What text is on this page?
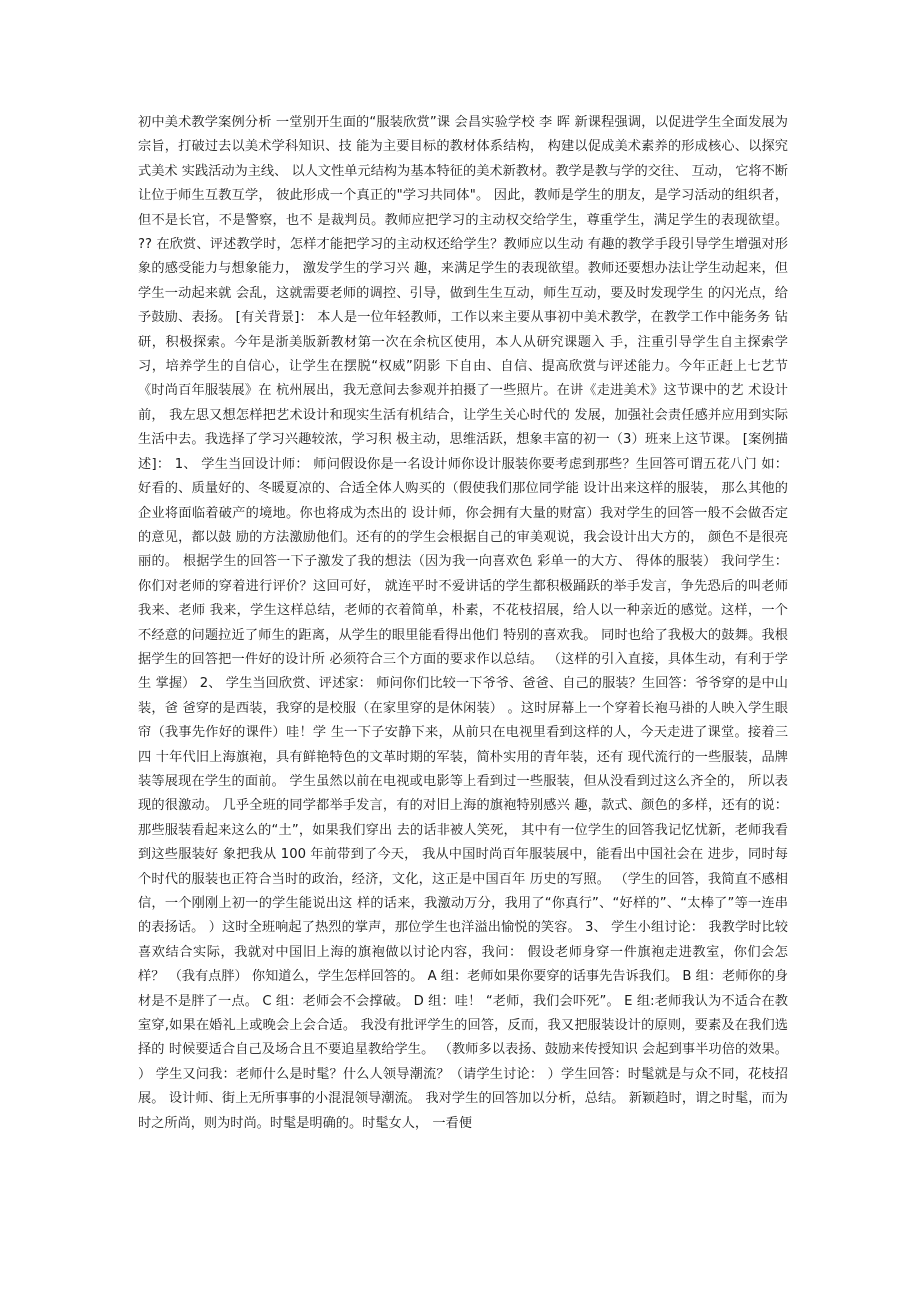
初中美术教学案例分析 一堂别开生面的“服装欣赏”课 会昌实验学校 李 晖 新课程强调，以促进学生全面发展为宗旨，打破过去以美术学科知识、技 能为主要目标的教材体系结构， 构建以促成美术素养的形成核心、以探究式美术 实践活动为主线、 以人文性单元结构为基本特征的美术新教材。教学是教与学的交往、 互动， 它将不断让位于师生互教互学， 彼此形成一个真正的"学习共同体"。 因此，教师是学生的朋友，是学习活动的组织者，但不是长官，不是警察，也不 是裁判员。教师应把学习的主动权交给学生，尊重学生，满足学生的表现欲望。 ?? 在欣赏、评述教学时，怎样才能把学习的主动权还给学生？教师应以生动 有趣的教学手段引导学生增强对形象的感受能力与想象能力， 激发学生的学习兴 趣，来满足学生的表现欲望。教师还要想办法让学生动起来，但学生一动起来就 会乱，这就需要老师的调控、引导，做到生生互动，师生互动，要及时发现学生 的闪光点，给予鼓励、表扬。 [有关背景]： 本人是一位年轻教师，工作以来主要从事初中美术教学，在教学工作中能务务 钻研，积极探索。今年是浙美版新教材第一次在余杭区使用，本人从研究课题入 手，注重引导学生自主探索学习，培养学生的自信心，让学生在摆脱“权威”阴影 下自由、自信、提高欣赏与评述能力。今年正赶上七艺节《时尚百年服装展》在 杭州展出，我无意间去参观并拍摄了一些照片。在讲《走进美术》这节课中的艺 术设计前， 我左思又想怎样把艺术设计和现实生活有机结合，让学生关心时代的 发展，加强社会责任感并应用到实际生活中去。我选择了学习兴趣较浓，学习积 极主动，思维活跃，想象丰富的初一（3）班来上这节课。 [案例描述]： 1、 学生当回设计师： 师问假设你是一名设计师你设计服装你要考虑到那些？生回答可谓五花八门 如：好看的、质量好的、冬暖夏凉的、合适全体人购买的（假使我们那位同学能 设计出来这样的服装， 那么其他的企业将面临着破产的境地。你也将成为杰出的 设计师，你会拥有大量的财富）我对学生的回答一般不会做否定的意见，都以鼓 励的方法激励他们。还有的的学生会根据自己的审美观说，我会设计出大方的， 颜色不是很亮丽的。 根据学生的回答一下子激发了我的想法（因为我一向喜欢色 彩单一的大方、 得体的服装） 我问学生： 你们对老师的穿着进行评价？这回可好， 就连平时不爱讲话的学生都积极踊跃的举手发言，争先恐后的叫老师我来、老师 我来，学生这样总结，老师的衣着简单，朴素，不花枝招展，给人以一种亲近的感觉。这样，一个不经意的问题拉近了师生的距离，从学生的眼里能看得出他们 特别的喜欢我。 同时也给了我极大的鼓舞。我根据学生的回答把一件好的设计所 必须符合三个方面的要求作以总结。 （这样的引入直接，具体生动，有利于学生 掌握） 2、 学生当回欣赏、评述家： 师问你们比较一下爷爷、爸爸、自己的服装？生回答：爷爷穿的是中山装，爸 爸穿的是西装，我穿的是校服（在家里穿的是休闲装） 。这时屏幕上一个穿着长袍马褂的人映入学生眼帘（我事先作好的课件）哇！学 生一下子安静下来，从前只在电视里看到这样的人，今天走进了课堂。接着三四 十年代旧上海旗袍，具有鲜艳特色的文革时期的军装，简朴实用的青年装，还有 现代流行的一些服装，品牌装等展现在学生的面前。 学生虽然以前在电视或电影等上看到过一些服装，但从没看到过这么齐全的， 所以表现的很激动。 几乎全班的同学都举手发言，有的对旧上海的旗袍特别感兴 趣，款式、颜色的多样，还有的说：那些服装看起来这么的“土”，如果我们穿出 去的话非被人笑死， 其中有一位学生的回答我记忆忧新，老师我看到这些服装好 象把我从 100 年前带到了今天， 我从中国时尚百年服装展中，能看出中国社会在 进步，同时每个时代的服装也正符合当时的政治，经济，文化，这正是中国百年 历史的写照。 （学生的回答，我简直不感相信，一个刚刚上初一的学生能说出这 样的话来，我激动万分，我用了“你真行”、“好样的”、“太棒了”等一连串的表扬话。 ）这时全班响起了热烈的掌声，那位学生也洋溢出愉悦的笑容。 3、 学生小组讨论： 我教学时比较喜欢结合实际，我就对中国旧上海的旗袍做以讨论内容，我问： 假设老师身穿一件旗袍走进教室，你们会怎样？ （我有点胖） 你知道么，学生怎样回答的。 A 组：老师如果你要穿的话事先告诉我们。 B 组：老师你的身材是不是胖了一点。 C 组：老师会不会撑破。 D 组：哇！ “老师，我们会吓死”。 E 组:老师我认为不适合在教室穿,如果在婚礼上或晚会上会合适。 我没有批评学生的回答，反而，我又把服装设计的原则，要素及在我们选择的 时候要适合自己及场合且不要追星教给学生。 （教师多以表扬、鼓励来传授知识 会起到事半功倍的效果。 ） 学生又问我：老师什么是时髦？什么人领导潮流？（请学生讨论： ）学生回答：时髦就是与众不同，花枝招展。 设计师、街上无所事事的小混混领导潮流。 我对学生的回答加以分析，总结。 新颖趋时，谓之时髦，而为时之所尚，则为时尚。时髦是明确的。时髦女人， 一看便
